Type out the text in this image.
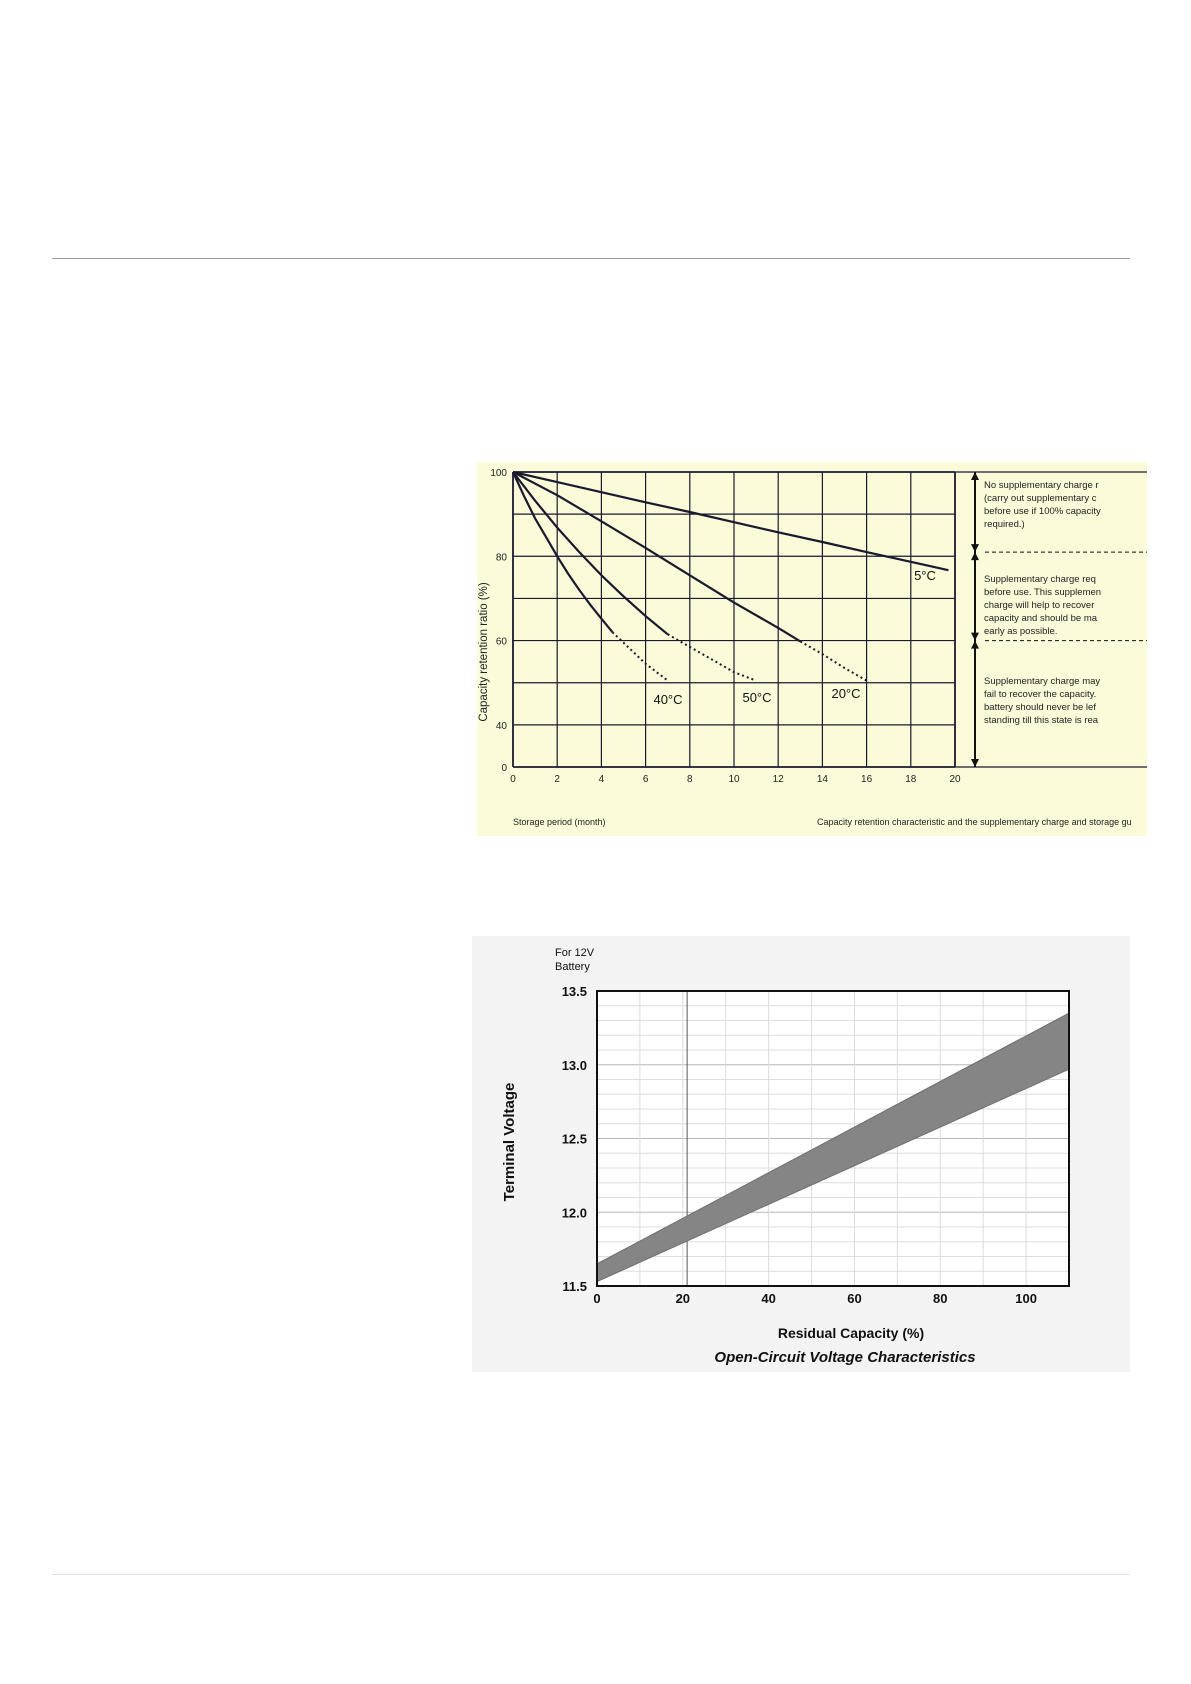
5°C
20°C
50°C
40°C
No supplementary charge r
(carry out supplementary c
before use if 100% capacity
required.)
Supplementary charge req
before use. This supplemen
charge will help to recover
capacity and should be ma
early as possible.
Supplementary charge may
fail to recover the capacity.
battery should never be lef
standing till this state is rea
0	2	4	6	8	10	12	14	16	18	20
0
40
60
80
100
Capacity retention ratio (%)
Storage period (month)	Capacity retention characteristic and the supplementary charge and storage gu
For 12V
Battery
11.5
12.0
12.5
13.0
13.5
0	20	40	60	80	100
Terminal Voltage
Residual Capacity (%)
Open-Circuit Voltage Characteristics
